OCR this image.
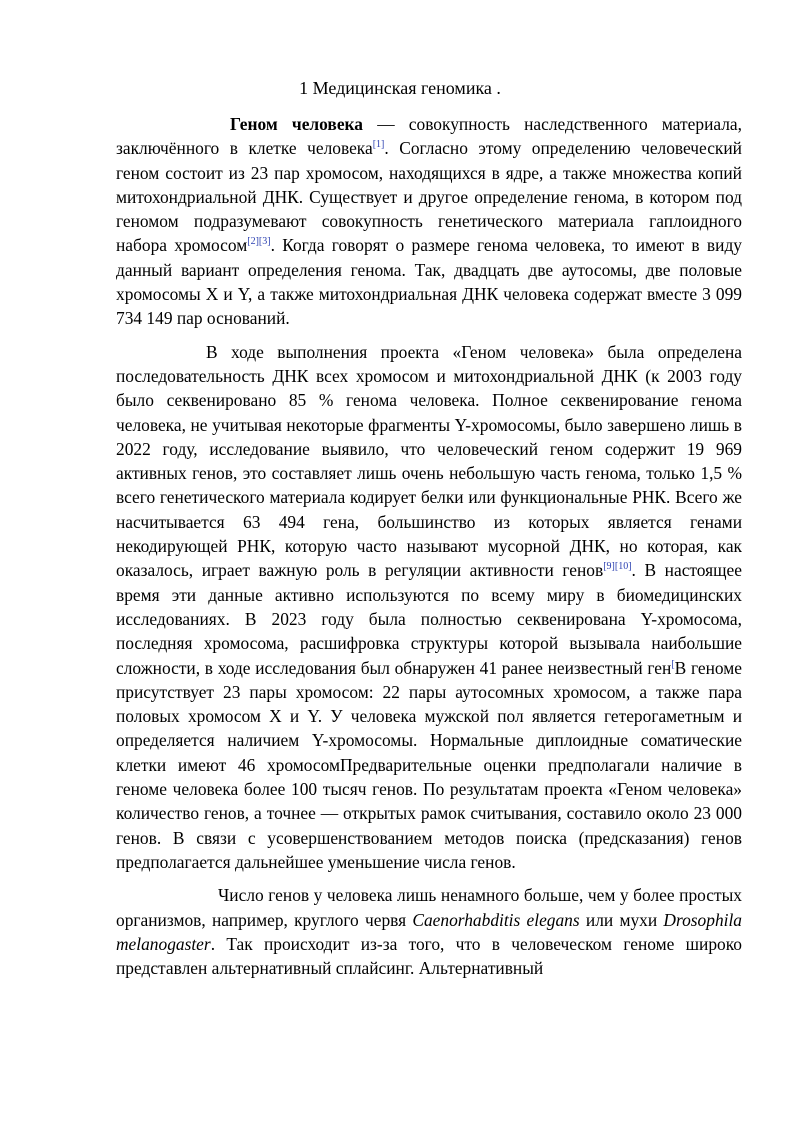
1 Медицинская геномика .

Геном человека — совокупность наследственного материала, заключённого в клетке человека[1]. Согласно этому определению человеческий геном состоит из 23 пар хромосом, находящихся в ядре, а также множества копий митохондриальной ДНК. Существует и другое определение генома, в котором под геномом подразумевают совокупность генетического материала гаплоидного набора хромосом[2][3]. Когда говорят о размере генома человека, то имеют в виду данный вариант определения генома. Так, двадцать две аутосомы, две половые хромосомы X и Y, а также митохондриальная ДНК человека содержат вместе 3 099 734 149 пар оснований.

В ходе выполнения проекта «Геном человека» была определена последовательность ДНК всех хромосом и митохондриальной ДНК (к 2003 году было секвенировано 85 % генома человека. Полное секвенирование генома человека, не учитывая некоторые фрагменты Y-хромосомы, было завершено лишь в 2022 году, исследование выявило, что человеческий геном содержит 19 969 активных генов, это составляет лишь очень небольшую часть генома, только 1,5 % всего генетического материала кодирует белки или функциональные РНК. Всего же насчитывается 63 494 гена, большинство из которых является генами некодирующей РНК, которую часто называют мусорной ДНК, но которая, как оказалось, играет важную роль в регуляции активности генов[9][10]. В настоящее время эти данные активно используются по всему миру в биомедицинских исследованиях. В 2023 году была полностью секвенирована Y-хромосома, последняя хромосома, расшифровка структуры которой вызывала наибольшие сложности, в ходе исследования был обнаружен 41 ранее неизвестный ген[В геноме присутствует 23 пары хромосом: 22 пары аутосомных хромосом, а также пара половых хромосом X и Y. У человека мужской пол является гетерогаметным и определяется наличием Y-хромосомы. Нормальные диплоидные соматические клетки имеют 46 хромосомПредварительные оценки предполагали наличие в геноме человека более 100 тысяч генов. По результатам проекта «Геном человека» количество генов, а точнее — открытых рамок считывания, составило около 23 000 генов. В связи с усовершенствованием методов поиска (предсказания) генов предполагается дальнейшее уменьшение числа генов.

Число генов у человека лишь ненамного больше, чем у более простых организмов, например, круглого червя Caenorhabditis elegans или мухи Drosophila melanogaster. Так происходит из-за того, что в человеческом геноме широко представлен альтернативный сплайсинг. Альтернативный
